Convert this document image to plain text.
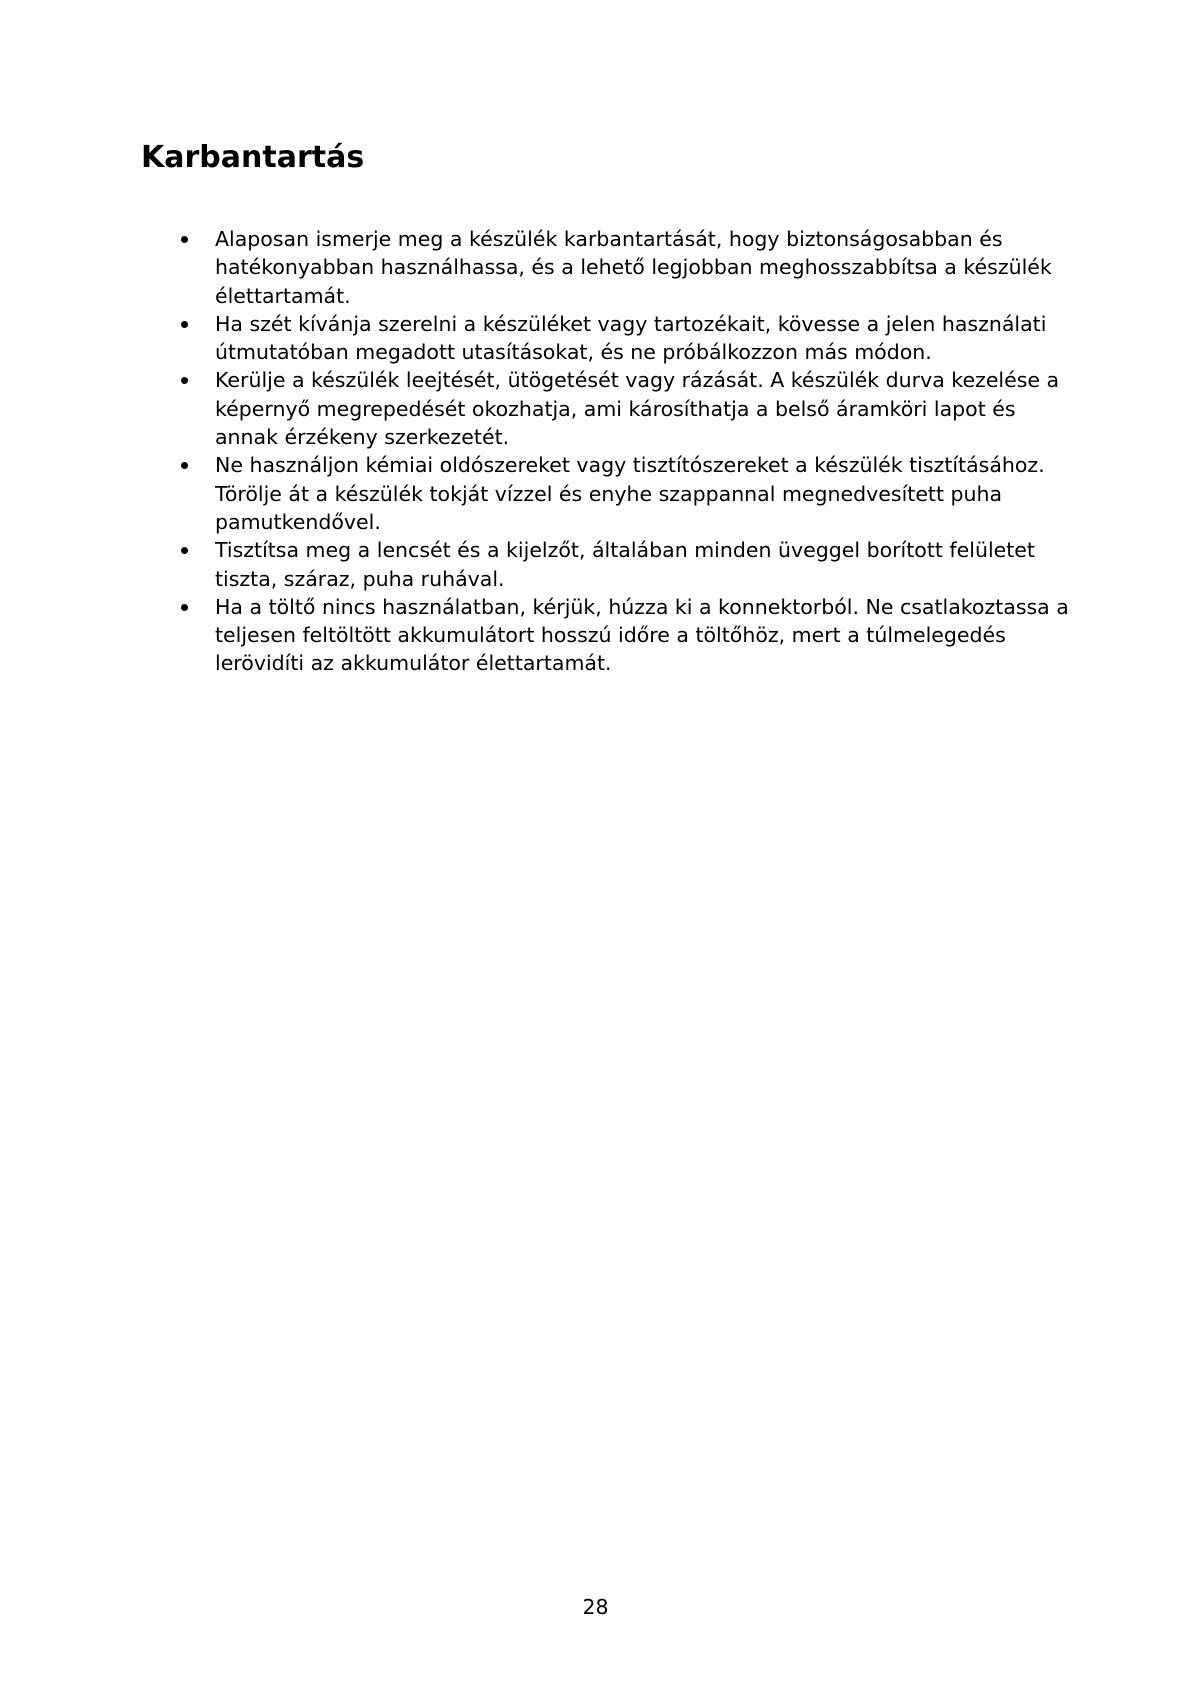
Karbantartás
Alaposan ismerje meg a készülék karbantartását, hogy biztonságosabban és
hatékonyabban használhassa, és a lehető legjobban meghosszabbítsa a készülék
élettartamát.
Ha szét kívánja szerelni a készüléket vagy tartozékait, kövesse a jelen használati
útmutatóban megadott utasításokat, és ne próbálkozzon más módon.
Kerülje a készülék leejtését, ütögetését vagy rázását. A készülék durva kezelése a
képernyő megrepedését okozhatja, ami károsíthatja a belső áramköri lapot és
annak érzékeny szerkezetét.
Ne használjon kémiai oldószereket vagy tisztítószereket a készülék tisztításához.
Törölje át a készülék tokját vízzel és enyhe szappannal megnedvesített puha
pamutkendővel.
Tisztítsa meg a lencsét és a kijelzőt, általában minden üveggel borított felületet
tiszta, száraz, puha ruhával.
Ha a töltő nincs használatban, kérjük, húzza ki a konnektorból. Ne csatlakoztassa a
teljesen feltöltött akkumulátort hosszú időre a töltőhöz, mert a túlmelegedés
lerövidíti az akkumulátor élettartamát.
28
